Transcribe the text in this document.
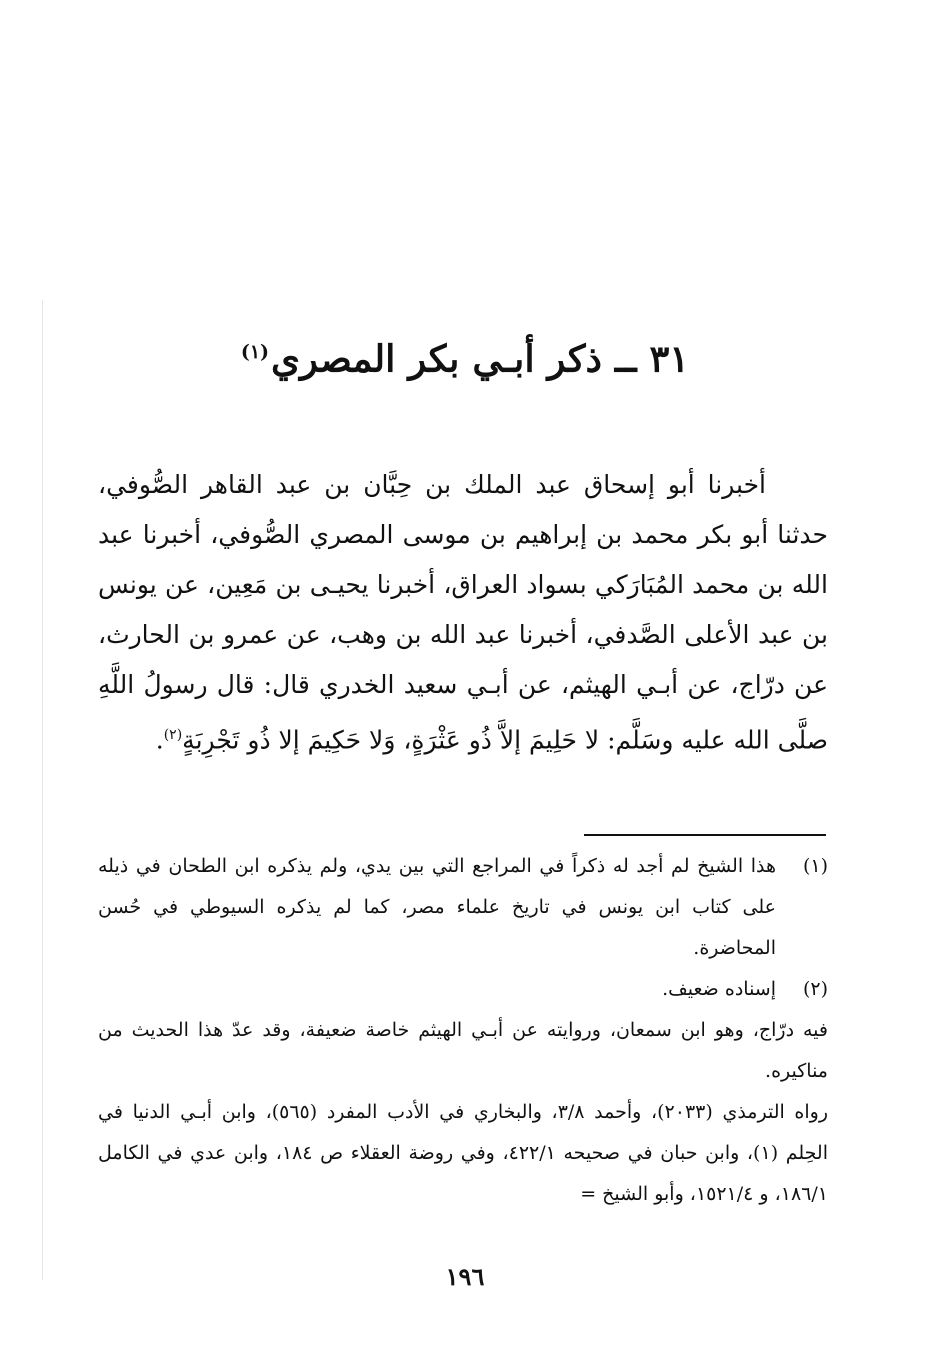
٣١ ــ ذكر أبـي بكر المصري$^{(١)}$
أخبرنا أبو إسحاق عبد الملك بن حِبَّان بن عبد القاهر الصُّوفي، حدثنا أبو بكر محمد بن إبراهيم بن موسى المصري الصُّوفي، أخبرنا عبد الله بن محمد المُبَارَكي بسواد العراق، أخبرنا يحيـى بن مَعِين، عن يونس بن عبد الأعلى الصَّدفي، أخبرنا عبد الله بن وهب، عن عمرو بن الحارث، عن درّاج، عن أبـي الهيثم، عن أبـي سعيد الخدري قال: قال رسولُ اللَّهِ صلَّى الله عليه وسَلَّم: لا حَلِيمَ إلاَّ ذُو عَثْرَةٍ، وَلا حَكِيمَ إلا ذُو تَجْرِبَةٍ$^{(٢)}$.
(١)
هذا الشيخ لم أجد له ذكراً في المراجع التي بين يدي، ولم يذكره ابن الطحان في ذيله على كتاب ابن يونس في تاريخ علماء مصر، كما لم يذكره السيوطي في حُسن المحاضرة.
(٢)
إسناده ضعيف.
فيه درّاج، وهو ابن سمعان، وروايته عن أبـي الهيثم خاصة ضعيفة، وقد عدّ هذا الحديث من مناكيره.
رواه الترمذي (٢٠٣٣)، وأحمد ٣/٨، والبخاري في الأدب المفرد (٥٦٥)، وابن أبـي الدنيا في الحِلم (١)، وابن حبان في صحيحه ٤٢٢/١، وفي روضة العقلاء ص ١٨٤، وابن عدي في الكامل ١٨٦/١، و ١٥٢١/٤، وأبو الشيخ =
١٩٦
